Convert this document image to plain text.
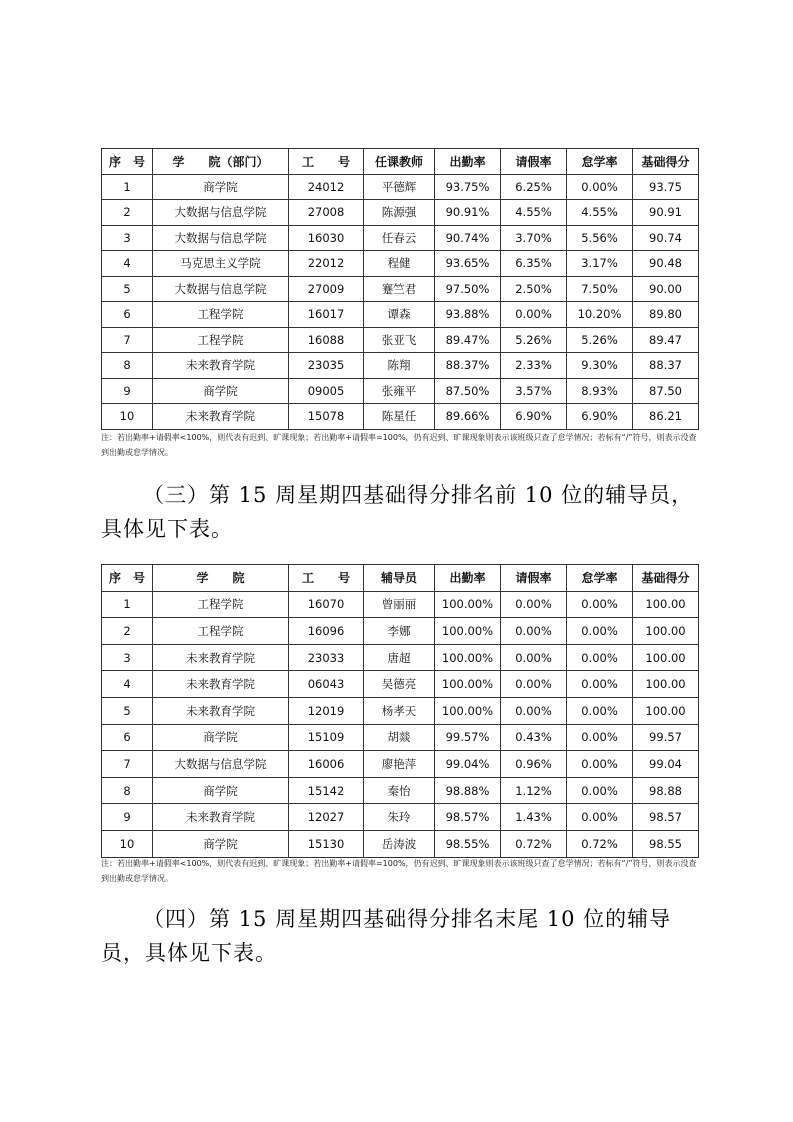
序　号	学　　院（部门）	工　　号	任课教师	出勤率	请假率	怠学率	基础得分
1	商学院	24012	平德辉	93.75%	6.25%	0.00%	93.75
2	大数据与信息学院	27008	陈源强	90.91%	4.55%	4.55%	90.91
3	大数据与信息学院	16030	任春云	90.74%	3.70%	5.56%	90.74
4	马克思主义学院	22012	程健	93.65%	6.35%	3.17%	90.48
5	大数据与信息学院	27009	蹇竺君	97.50%	2.50%	7.50%	90.00
6	工程学院	16017	谭森	93.88%	0.00%	10.20%	89.80
7	工程学院	16088	张亚飞	89.47%	5.26%	5.26%	89.47
8	未来教育学院	23035	陈翔	88.37%	2.33%	9.30%	88.37
9	商学院	09005	张雍平	87.50%	3.57%	8.93%	87.50
10	未来教育学院	15078	陈星任	89.66%	6.90%	6.90%	86.21

注：若出勤率+请假率<100%，则代表有迟到、旷课现象；若出勤率+请假率=100%，仍有迟到、旷课现象则表示该班级只查了怠学情况；若标有“/”符号，则表示没查到出勤或怠学情况。

（三）第 15 周星期四基础得分排名前 10 位的辅导员，具体见下表。

序　号	学　　院	工　　号	辅导员	出勤率	请假率	怠学率	基础得分
1	工程学院	16070	曾丽丽	100.00%	0.00%	0.00%	100.00
2	工程学院	16096	李娜	100.00%	0.00%	0.00%	100.00
3	未来教育学院	23033	唐超	100.00%	0.00%	0.00%	100.00
4	未来教育学院	06043	吴德亮	100.00%	0.00%	0.00%	100.00
5	未来教育学院	12019	杨孝天	100.00%	0.00%	0.00%	100.00
6	商学院	15109	胡燚	99.57%	0.43%	0.00%	99.57
7	大数据与信息学院	16006	廖艳萍	99.04%	0.96%	0.00%	99.04
8	商学院	15142	秦怡	98.88%	1.12%	0.00%	98.88
9	未来教育学院	12027	朱玲	98.57%	1.43%	0.00%	98.57
10	商学院	15130	岳涛波	98.55%	0.72%	0.72%	98.55

注：若出勤率+请假率<100%，则代表有迟到、旷课现象；若出勤率+请假率=100%，仍有迟到、旷课现象则表示该班级只查了怠学情况；若标有“/”符号，则表示没查到出勤或怠学情况。

（四）第 15 周星期四基础得分排名末尾 10 位的辅导员，具体见下表。
